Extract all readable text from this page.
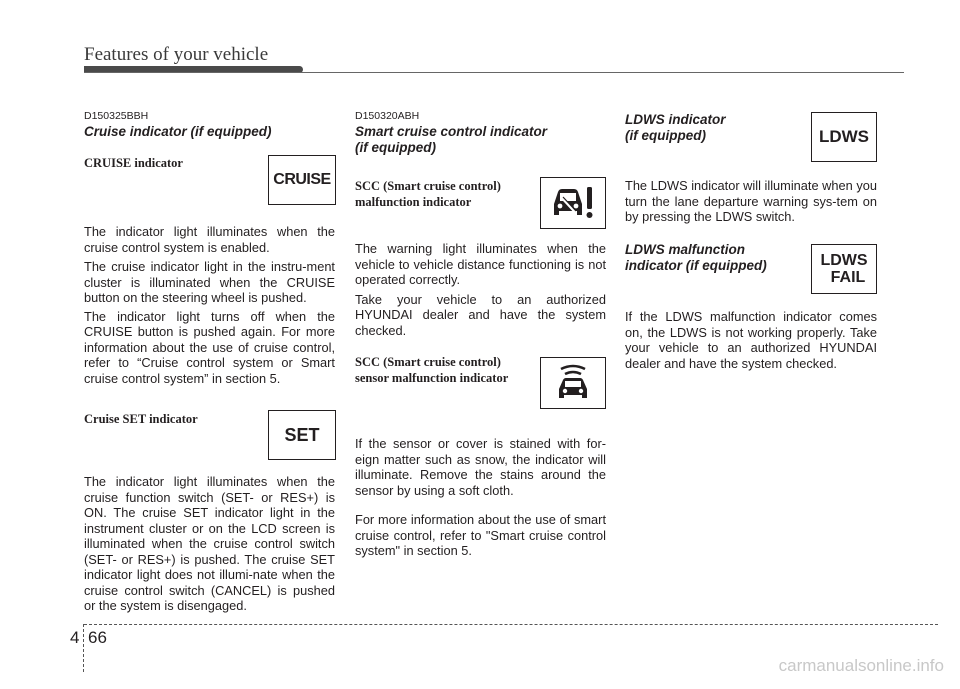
Features of your vehicle
D150325BBH
Cruise indicator (if equipped)
CRUISE indicator
CRUISE

The indicator light illuminates when the cruise control system is enabled.

The cruise indicator light in the instru-ment cluster is illuminated when the CRUISE button on the steering wheel is pushed.

The indicator light turns off when the CRUISE button is pushed again. For more information about the use of cruise control, refer to “Cruise control system or Smart cruise control system” in section 5.

Cruise SET indicator
SET

The indicator light illuminates when the cruise function switch (SET- or RES+) is ON. The cruise SET indicator light in the instrument cluster or on the LCD screen is illuminated when the cruise control switch (SET- or RES+) is pushed. The cruise SET indicator light does not illumi-nate when the cruise control switch (CANCEL) is pushed or the system is disengaged.

D150320ABH
Smart cruise control indicator
(if equipped)
SCC (Smart cruise control)
malfunction indicator

The warning light illuminates when the vehicle to vehicle distance functioning is not operated correctly.

Take your vehicle to an authorized HYUNDAI dealer and have the system checked.

SCC (Smart cruise control)
sensor malfunction indicator

If the sensor or cover is stained with for-eign matter such as snow, the indicator will illuminate. Remove the stains around the sensor by using a soft cloth.

For more information about the use of smart cruise control, refer to "Smart cruise control system" in section 5.

LDWS indicator
(if equipped)	LDWS

The LDWS indicator will illuminate when you turn the lane departure warning sys-tem on by pressing the LDWS switch.

LDWS malfunction
indicator (if equipped)	LDWS
FAIL

If the LDWS malfunction indicator comes on, the LDWS is not working properly. Take your vehicle to an authorized HYUNDAI dealer and have the system checked.

4 66
carmanualsonline.info
